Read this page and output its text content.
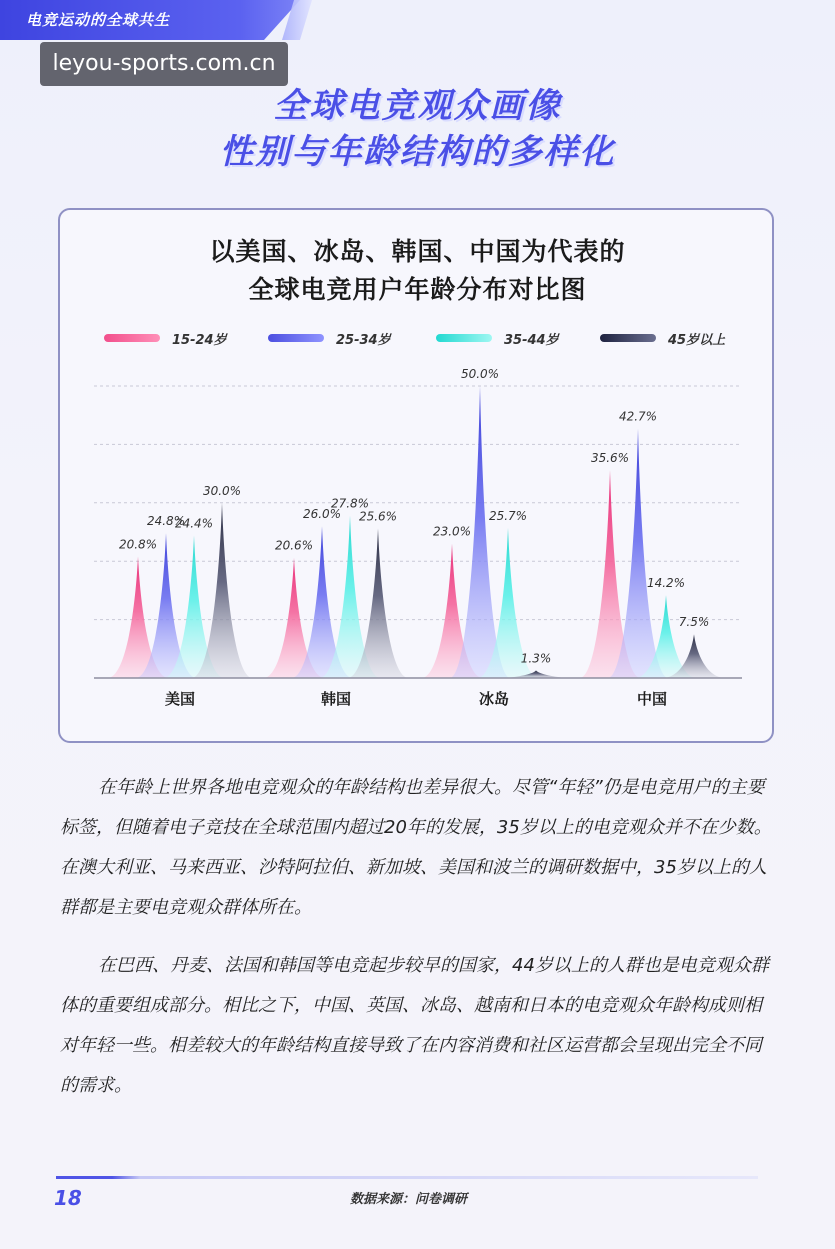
电竞运动的全球共生
leyou-sports.com.cn
全球电竞观众画像
性别与年龄结构的多样化
以美国、冰岛、韩国、中国为代表的
全球电竞用户年龄分布对比图
15-24岁	25-34岁	35-44岁	45岁以上
20.8%
24.8%
24.4%
30.0%
20.6%
26.0%
27.8%
25.6%
23.0%
50.0%
25.7%
1.3%
35.6%
42.7%
14.2%
7.5%
美国	韩国	冰岛	中国

在年龄上世界各地电竞观众的年龄结构也差异很大。尽管“年轻”仍是电竞用户的主要标签，但随着电子竞技在全球范围内超过20年的发展，35岁以上的电竞观众并不在少数。在澳大利亚、马来西亚、沙特阿拉伯、新加坡、美国和波兰的调研数据中，35岁以上的人群都是主要电竞观众群体所在。

在巴西、丹麦、法国和韩国等电竞起步较早的国家，44岁以上的人群也是电竞观众群体的重要组成部分。相比之下，中国、英国、冰岛、越南和日本的电竞观众年龄构成则相对年轻一些。相差较大的年龄结构直接导致了在内容消费和社区运营都会呈现出完全不同的需求。

18	数据来源：问卷调研
